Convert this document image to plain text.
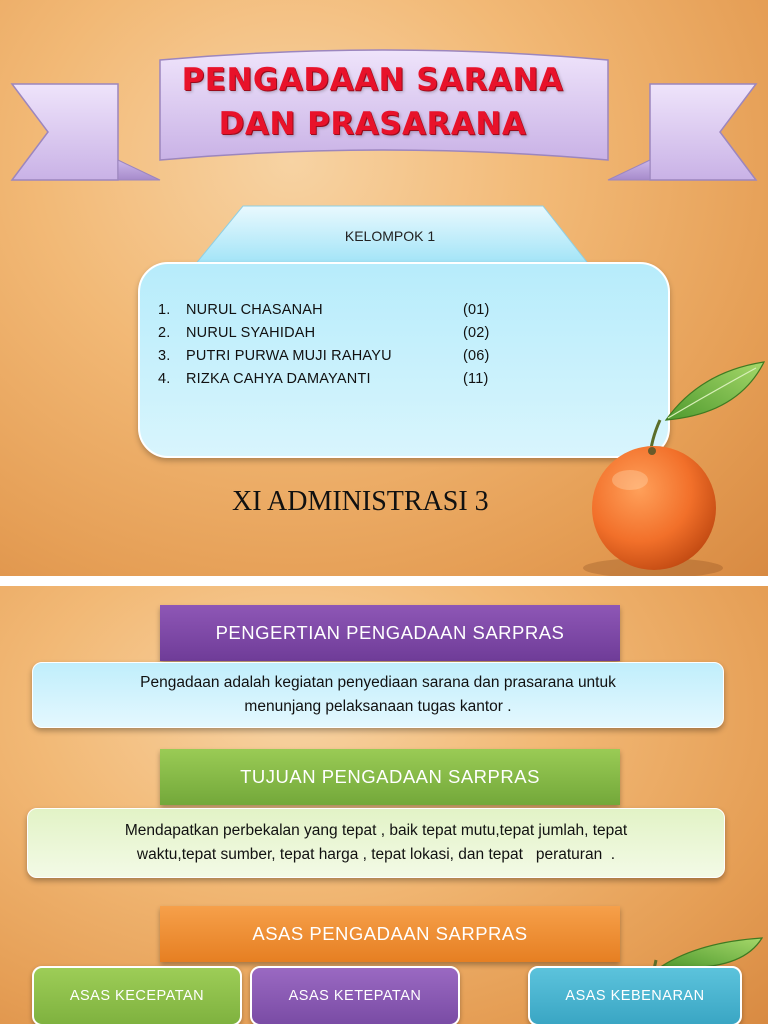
PENGADAAN SARANA
DAN PRASARANA
KELOMPOK 1
1.	NURUL CHASANAH	(01)
2.	NURUL SYAHIDAH	(02)
3.	PUTRI PURWA MUJI RAHAYU	(06)
4.	RIZKA CAHYA DAMAYANTI	(11)
XI ADMINISTRASI 3
PENGERTIAN PENGADAAN SARPRAS
Pengadaan adalah kegiatan penyediaan sarana dan prasarana untuk
menunjang pelaksanaan tugas kantor .
TUJUAN PENGADAAN SARPRAS
Mendapatkan perbekalan yang tepat , baik tepat mutu,tepat jumlah, tepat
waktu,tepat sumber, tepat harga , tepat lokasi, dan tepat   peraturan  .
ASAS PENGADAAN SARPRAS
ASAS KECEPATAN	ASAS KETEPATAN	ASAS KEBENARAN
